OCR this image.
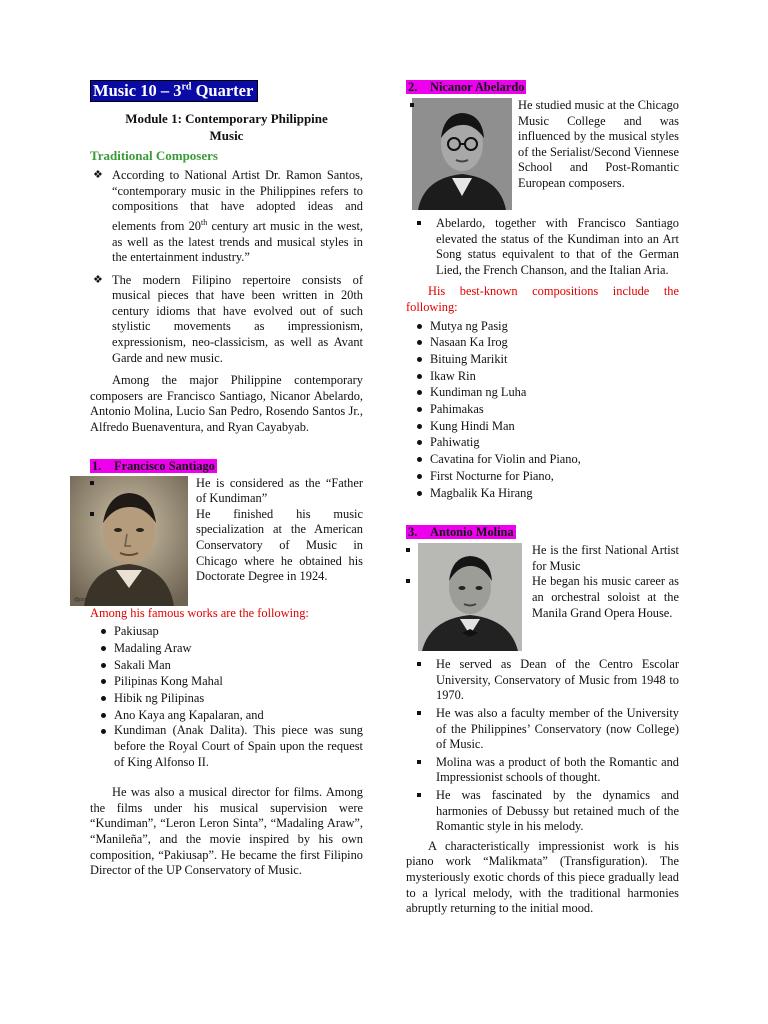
Music 10 – 3rd Quarter
Module 1: Contemporary Philippine
Music
Traditional Composers
❖ According to National Artist Dr. Ramon Santos, “contemporary music in the Philippines refers to compositions that have adopted ideas and elements from 20th century art music in the west, as well as the latest trends and musical styles in the entertainment industry.”
❖ The modern Filipino repertoire consists of musical pieces that have been written in 20th century idioms that have evolved out of such stylistic movements as impressionism, expressionism, neo-classicism, as well as Avant Garde and new music.

Among the major Philippine contemporary composers are Francisco Santiago, Nicanor Abelardo, Antonio Molina, Lucio San Pedro, Rosendo Santos Jr., Alfredo Buenaventura, and Ryan Cayabyab.

1. Francisco Santiago
@positiveillustra
He is considered as the “Father of Kundiman”
He finished his music specialization at the American Conservatory of Music in Chicago where he obtained his Doctorate Degree in 1924.

Among his famous works are the following:

Pakiusap
Madaling Araw
Sakali Man
Pilipinas Kong Mahal
Hibik ng Pilipinas
Ano Kaya ang Kapalaran, and
Kundiman (Anak Dalita). This piece was sung before the Royal Court of Spain upon the request of King Alfonso II.

He was also a musical director for films. Among the films under his musical supervision were “Kundiman”, “Leron Leron Sinta”, “Madaling Araw”, “Manileña”, and the movie inspired by his own composition, “Pakiusap”. He became the first Filipino Director of the UP Conservatory of Music.

2. Nicanor Abelardo
He studied music at the Chicago Music College and was influenced by the musical styles of the Serialist/Second Viennese School and Post-Romantic European composers.
Abelardo, together with Francisco Santiago elevated the status of the Kundiman into an Art Song status equivalent to that of the German Lied, the French Chanson, and the Italian Aria.

His best-known compositions include the following:

Mutya ng Pasig
Nasaan Ka Irog
Bituing Marikit
Ikaw Rin
Kundiman ng Luha
Pahimakas
Kung Hindi Man
Pahiwatig
Cavatina for Violin and Piano,
First Nocturne for Piano,
Magbalik Ka Hirang
3. Antonio Molina
He is the first National Artist for Music
He began his music career as an orchestral soloist at the Manila Grand Opera House.
He served as Dean of the Centro Escolar University, Conservatory of Music from 1948 to 1970.
He was also a faculty member of the University of the Philippines’ Conservatory (now College) of Music.
Molina was a product of both the Romantic and Impressionist schools of thought.
He was fascinated by the dynamics and harmonies of Debussy but retained much of the Romantic style in his melody.

A characteristically impressionist work is his piano work “Malikmata” (Transfiguration). The mysteriously exotic chords of this piece gradually lead to a lyrical melody, with the traditional harmonies abruptly returning to the initial mood.
